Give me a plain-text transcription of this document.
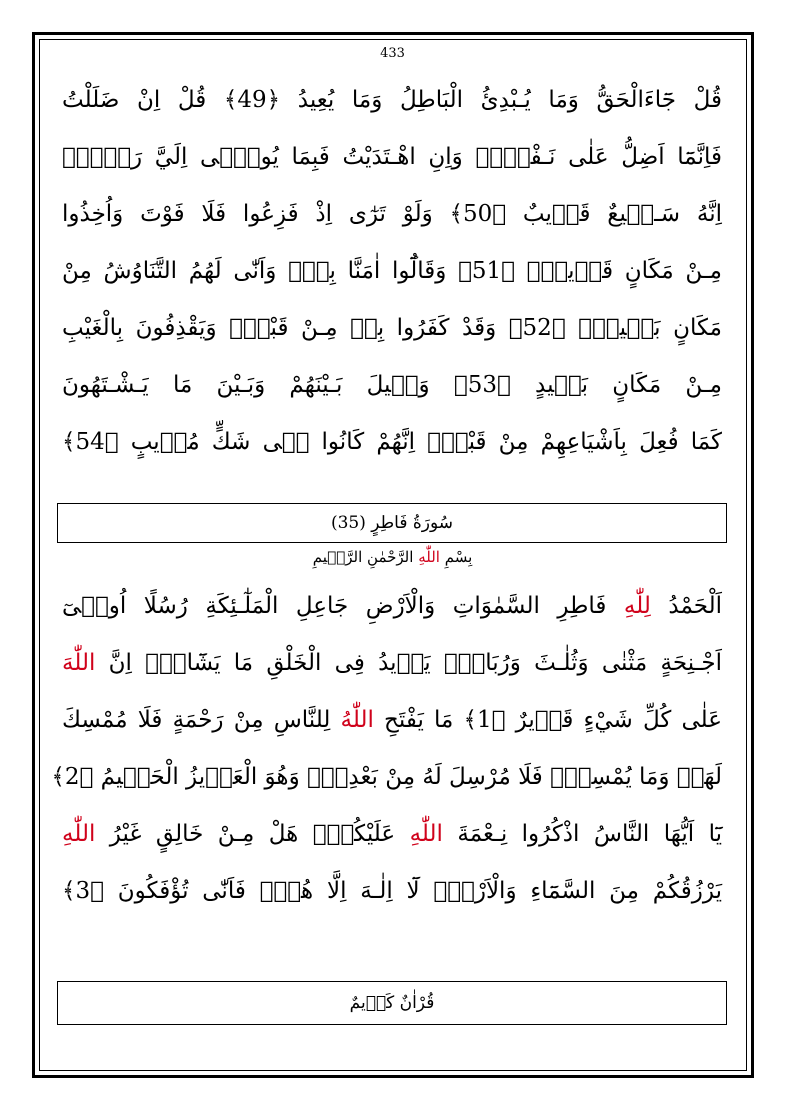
433
قُلْ جَٓاءَالْحَقُّ وَمَا يُـبْدِئُ الْبَاطِلُ وَمَا يُعِيدُ ﴿49﴾ قُلْ اِنْ ضَلَلْتُ
فَاِنَّمَٓا اَضِلُّ عَلٰى نَـفْسٖىۚ وَاِنِ اهْـتَدَيْتُ فَبِمَا يُوحٖٓى اِلَيَّ رَبّٖىۜ
اِنَّهُ سَـمٖيعٌ قَرٖيبٌ ﴿50﴾ وَلَوْ تَرٰٓى اِذْ فَزِعُوا فَلَا فَوْتَ وَاُخِذُوا
مِـنْ مَكَانٍ قَرٖيبٍۙ ﴿51﴾ وَقَالُٓوا اٰمَنَّا بِهٖۚ وَاَنّٰى لَهُمُ التَّنَاوُشُ مِنْ
مَكَانٍ بَعٖيدٍۚ ﴿52﴾ وَقَدْ كَفَرُوا بِهٖ مِـنْ قَبْلُۚ وَيَقْذِفُونَ بِالْغَيْبِ
مِـنْ مَكَانٍ بَعٖيدٍ ﴿53﴾ وَحٖيلَ بَـيْنَهُمْ وَبَـيْنَ مَا يَـشْـتَهُونَ
كَمَا فُعِلَ بِاَشْيَاعِهِمْ مِنْ قَبْلُۜ اِنَّهُمْ كَانُوا فٖى شَكٍّ مُرٖيبٍ ﴿54﴾
سُورَةُ فَاطِرٍ (35)
بِسْمِ اللّٰهِ الرَّحْمٰنِ الرَّحٖيمِ
اَلْحَمْدُ لِلّٰهِ فَاطِرِ السَّمٰوَاتِ وَالْاَرْضِ جَاعِلِ الْمَلٰٓـئِكَةِ رُسُلًا اُولٖىٓ
اَجْـنِحَةٍ مَثْنٰى وَثُلٰـثَ وَرُبَاعَۜ يَزٖيدُ فِى الْخَلْقِ مَا يَشَٓاءُۜ اِنَّ اللّٰهَ
عَلٰى كُلِّ شَيْءٍ قَدٖيرٌ ﴿1﴾ مَا يَفْتَحِ اللّٰهُ لِلنَّاسِ مِنْ رَحْمَةٍ فَلَا مُمْسِكَ
لَهَاۚ وَمَا يُمْسِكْۙ فَلَا مُرْسِلَ لَهُ مِنْ بَعْدِهٖۜ وَهُوَ الْعَزٖيزُ الْحَكٖيمُ ﴿2﴾
يَٓا اَيُّهَا النَّاسُ اذْكُرُوا نِـعْمَةَ اللّٰهِ عَلَيْكُمْۜ هَلْ مِـنْ خَالِقٍ غَيْرُ اللّٰهِ
يَرْزُقُكُمْ مِنَ السَّمَٓاءِ وَالْاَرْضِۜ لَٓا اِلٰـهَ اِلَّا هُوَۘ فَاَنّٰى تُؤْفَكُونَ ﴿3﴾
قُرْاٰنٌ كَرٖيمٌ
